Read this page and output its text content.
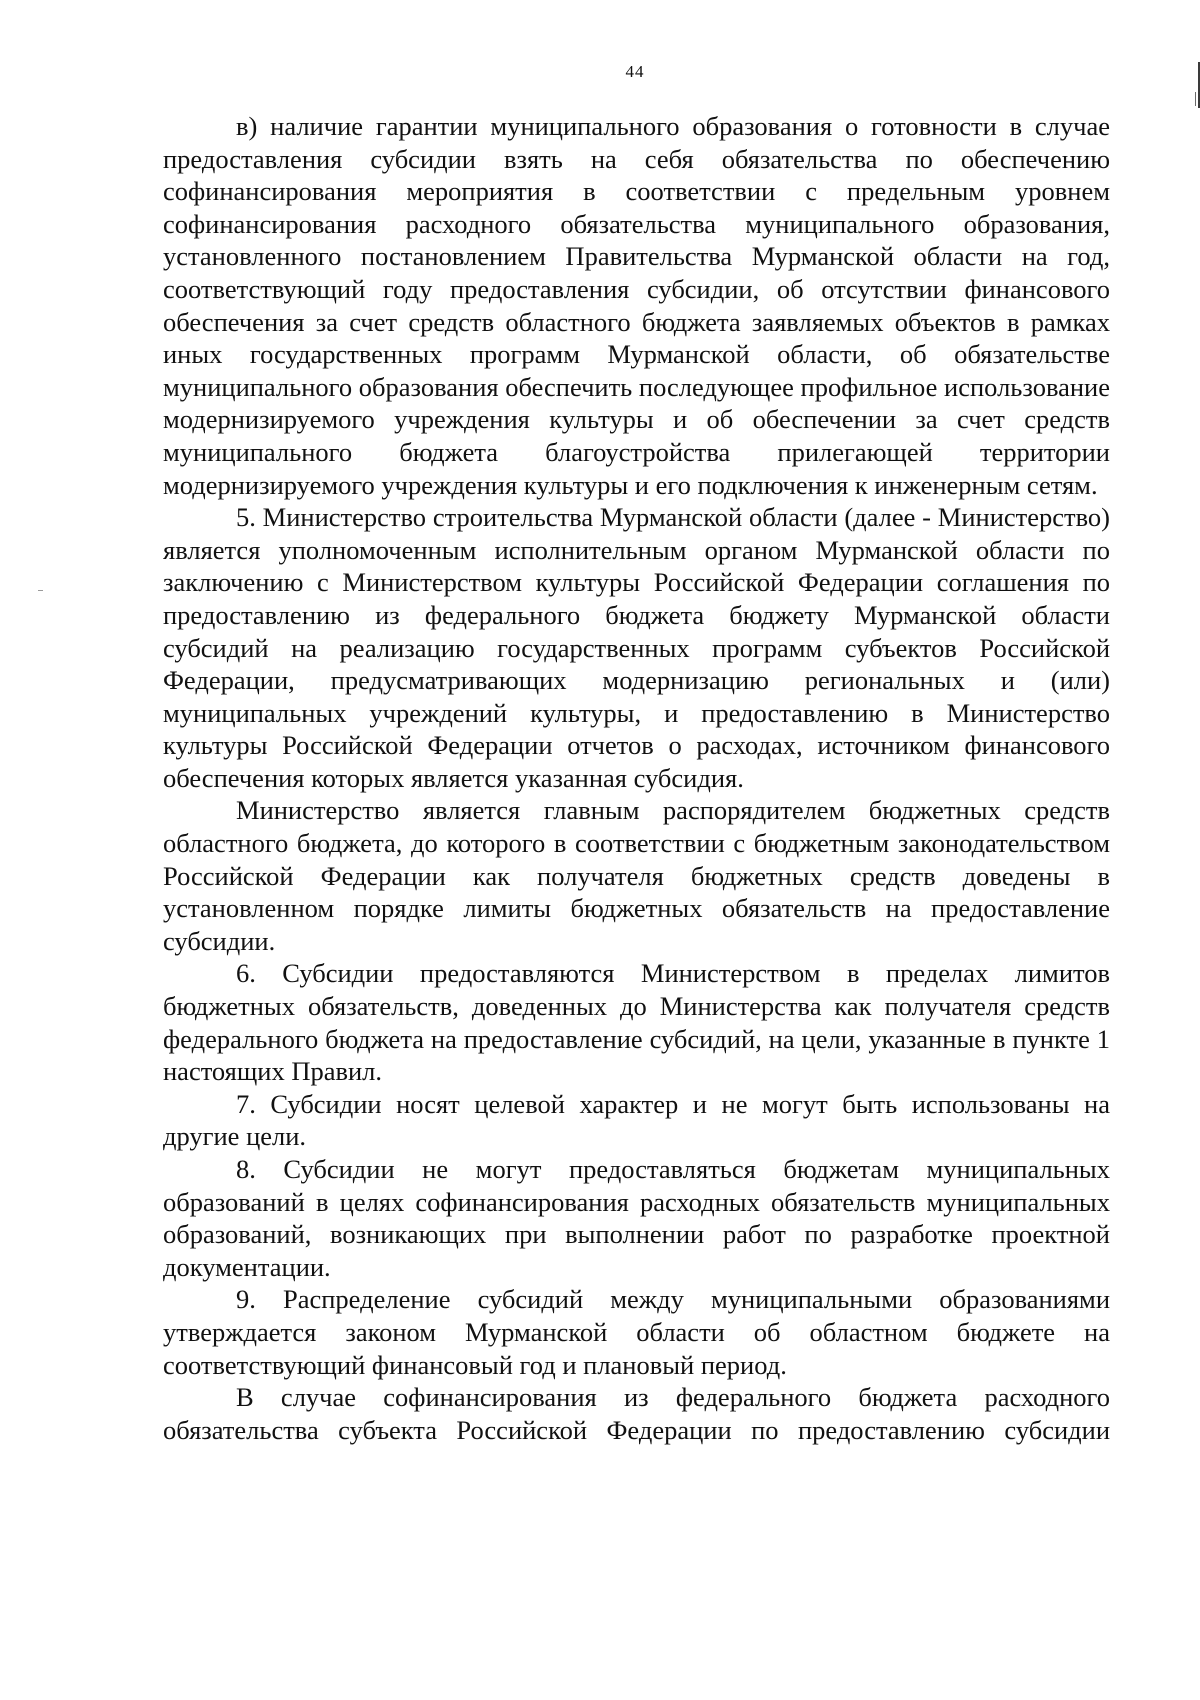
44

в) наличие гарантии муниципального образования о готовности в случае предоставления субсидии взять на себя обязательства по обеспечению софинансирования мероприятия в соответствии с предельным уровнем софинансирования расходного обязательства муниципального образования, установленного постановлением Правительства Мурманской области на год, соответствующий году предоставления субсидии, об отсутствии финансового обеспечения за счет средств областного бюджета заявляемых объектов в рамках иных государственных программ Мурманской области, об обязательстве муниципального образования обеспечить последующее профильное использование модернизируемого учреждения культуры и об обеспечении за счет средств муниципального бюджета благоустройства прилегающей территории модернизируемого учреждения культуры и его подключения к инженерным сетям.

5. Министерство строительства Мурманской области (далее - Министерство) является уполномоченным исполнительным органом Мурманской области по заключению с Министерством культуры Российской Федерации соглашения по предоставлению из федерального бюджета бюджету Мурманской области субсидий на реализацию государственных программ субъектов Российской Федерации, предусматривающих модернизацию региональных и (или) муниципальных учреждений культуры, и предоставлению в Министерство культуры Российской Федерации отчетов о расходах, источником финансового обеспечения которых является указанная субсидия.

Министерство является главным распорядителем бюджетных средств областного бюджета, до которого в соответствии с бюджетным законодательством Российской Федерации как получателя бюджетных средств доведены в установленном порядке лимиты бюджетных обязательств на предоставление субсидии.

6. Субсидии предоставляются Министерством в пределах лимитов бюджетных обязательств, доведенных до Министерства как получателя средств федерального бюджета на предоставление субсидий, на цели, указанные в пункте 1 настоящих Правил.

7. Субсидии носят целевой характер и не могут быть использованы на другие цели.

8. Субсидии не могут предоставляться бюджетам муниципальных образований в целях софинансирования расходных обязательств муниципальных образований, возникающих при выполнении работ по разработке проектной документации.

9. Распределение субсидий между муниципальными образованиями утверждается законом Мурманской области об областном бюджете на соответствующий финансовый год и плановый период.

В случае софинансирования из федерального бюджета расходного обязательства субъекта Российской Федерации по предоставлению субсидии
